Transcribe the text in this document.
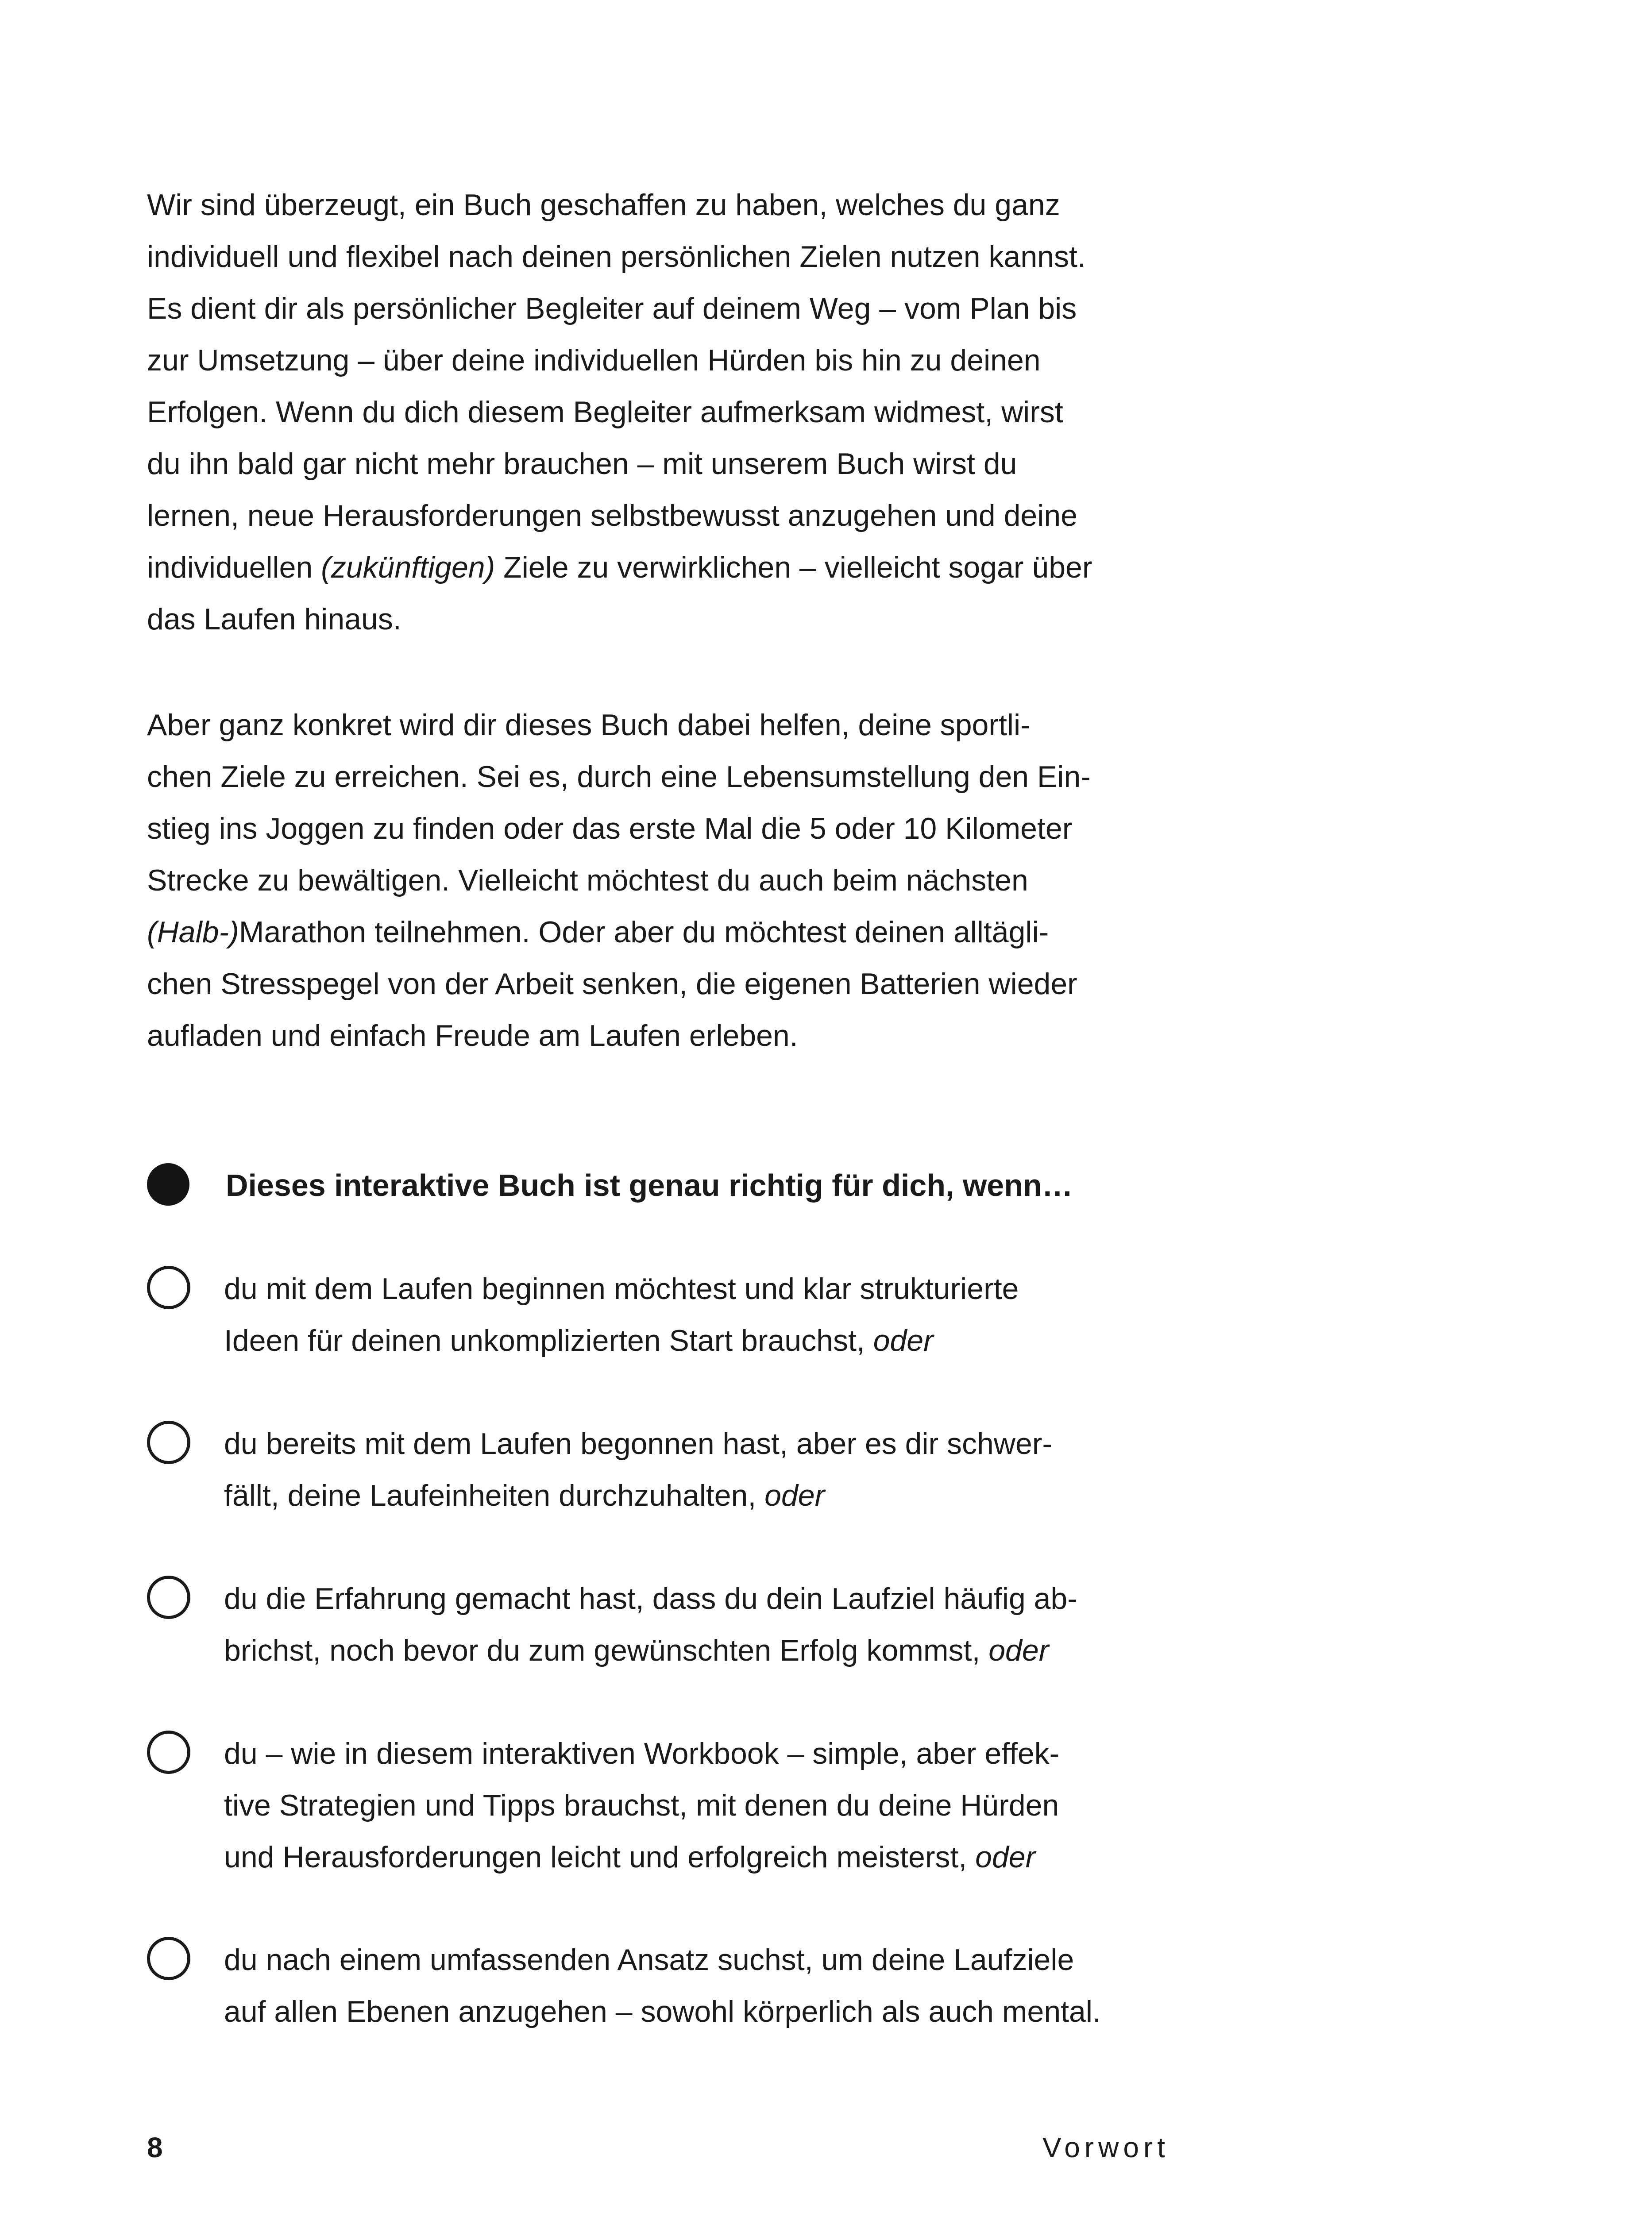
Wir sind überzeugt, ein Buch geschaffen zu haben, welches du ganz
individuell und flexibel nach deinen persönlichen Zielen nutzen kannst.
Es dient dir als persönlicher Begleiter auf deinem Weg – vom Plan bis
zur Umsetzung – über deine individuellen Hürden bis hin zu deinen
Erfolgen. Wenn du dich diesem Begleiter aufmerksam widmest, wirst
du ihn bald gar nicht mehr brauchen – mit unserem Buch wirst du
lernen, neue Herausforderungen selbstbewusst anzugehen und deine
individuellen (zukünftigen) Ziele zu verwirklichen – vielleicht sogar über
das Laufen hinaus.

Aber ganz konkret wird dir dieses Buch dabei helfen, deine sportli-
chen Ziele zu erreichen. Sei es, durch eine Lebensumstellung den Ein-
stieg ins Joggen zu finden oder das erste Mal die 5 oder 10 Kilometer
Strecke zu bewältigen. Vielleicht möchtest du auch beim nächsten
(Halb-)Marathon teilnehmen. Oder aber du möchtest deinen alltägli-
chen Stresspegel von der Arbeit senken, die eigenen Batterien wieder
aufladen und einfach Freude am Laufen erleben.

Dieses interaktive Buch ist genau richtig für dich, wenn…
du mit dem Laufen beginnen möchtest und klar strukturierte
Ideen für deinen unkomplizierten Start brauchst, oder
du bereits mit dem Laufen begonnen hast, aber es dir schwer-
fällt, deine Laufeinheiten durchzuhalten, oder
du die Erfahrung gemacht hast, dass du dein Laufziel häufig ab-
brichst, noch bevor du zum gewünschten Erfolg kommst, oder
du – wie in diesem interaktiven Workbook – simple, aber effek-
tive Strategien und Tipps brauchst, mit denen du deine Hürden
und Herausforderungen leicht und erfolgreich meisterst, oder
du nach einem umfassenden Ansatz suchst, um deine Laufziele
auf allen Ebenen anzugehen – sowohl körperlich als auch mental.
8	Vorwort
